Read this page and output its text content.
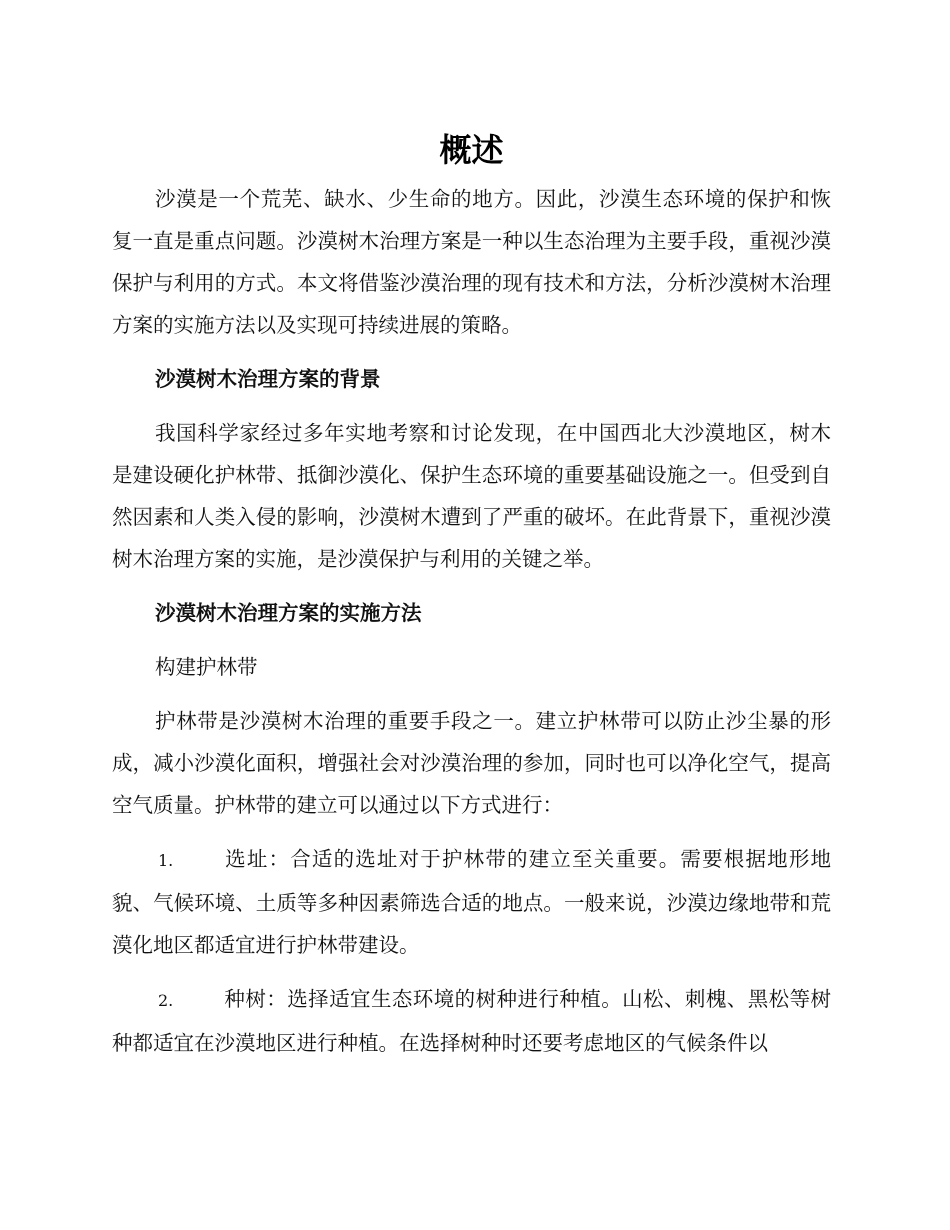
概述

沙漠是一个荒芜、缺水、少生命的地方。因此，沙漠生态环境的保护和恢复一直是重点问题。沙漠树木治理方案是一种以生态治理为主要手段，重视沙漠保护与利用的方式。本文将借鉴沙漠治理的现有技术和方法，分析沙漠树木治理方案的实施方法以及实现可持续进展的策略。

沙漠树木治理方案的背景

我国科学家经过多年实地考察和讨论发现，在中国西北大沙漠地区，树木是建设硬化护林带、抵御沙漠化、保护生态环境的重要基础设施之一。但受到自然因素和人类入侵的影响，沙漠树木遭到了严重的破坏。在此背景下，重视沙漠树木治理方案的实施，是沙漠保护与利用的关键之举。

沙漠树木治理方案的实施方法

构建护林带

护林带是沙漠树木治理的重要手段之一。建立护林带可以防止沙尘暴的形成，减小沙漠化面积，增强社会对沙漠治理的参加，同时也可以净化空气，提高空气质量。护林带的建立可以通过以下方式进行：

1. 选址：合适的选址对于护林带的建立至关重要。需要根据地形地貌、气候环境、土质等多种因素筛选合适的地点。一般来说，沙漠边缘地带和荒漠化地区都适宜进行护林带建设。

2. 种树：选择适宜生态环境的树种进行种植。山松、刺槐、黑松等树种都适宜在沙漠地区进行种植。在选择树种时还要考虑地区的气候条件以
